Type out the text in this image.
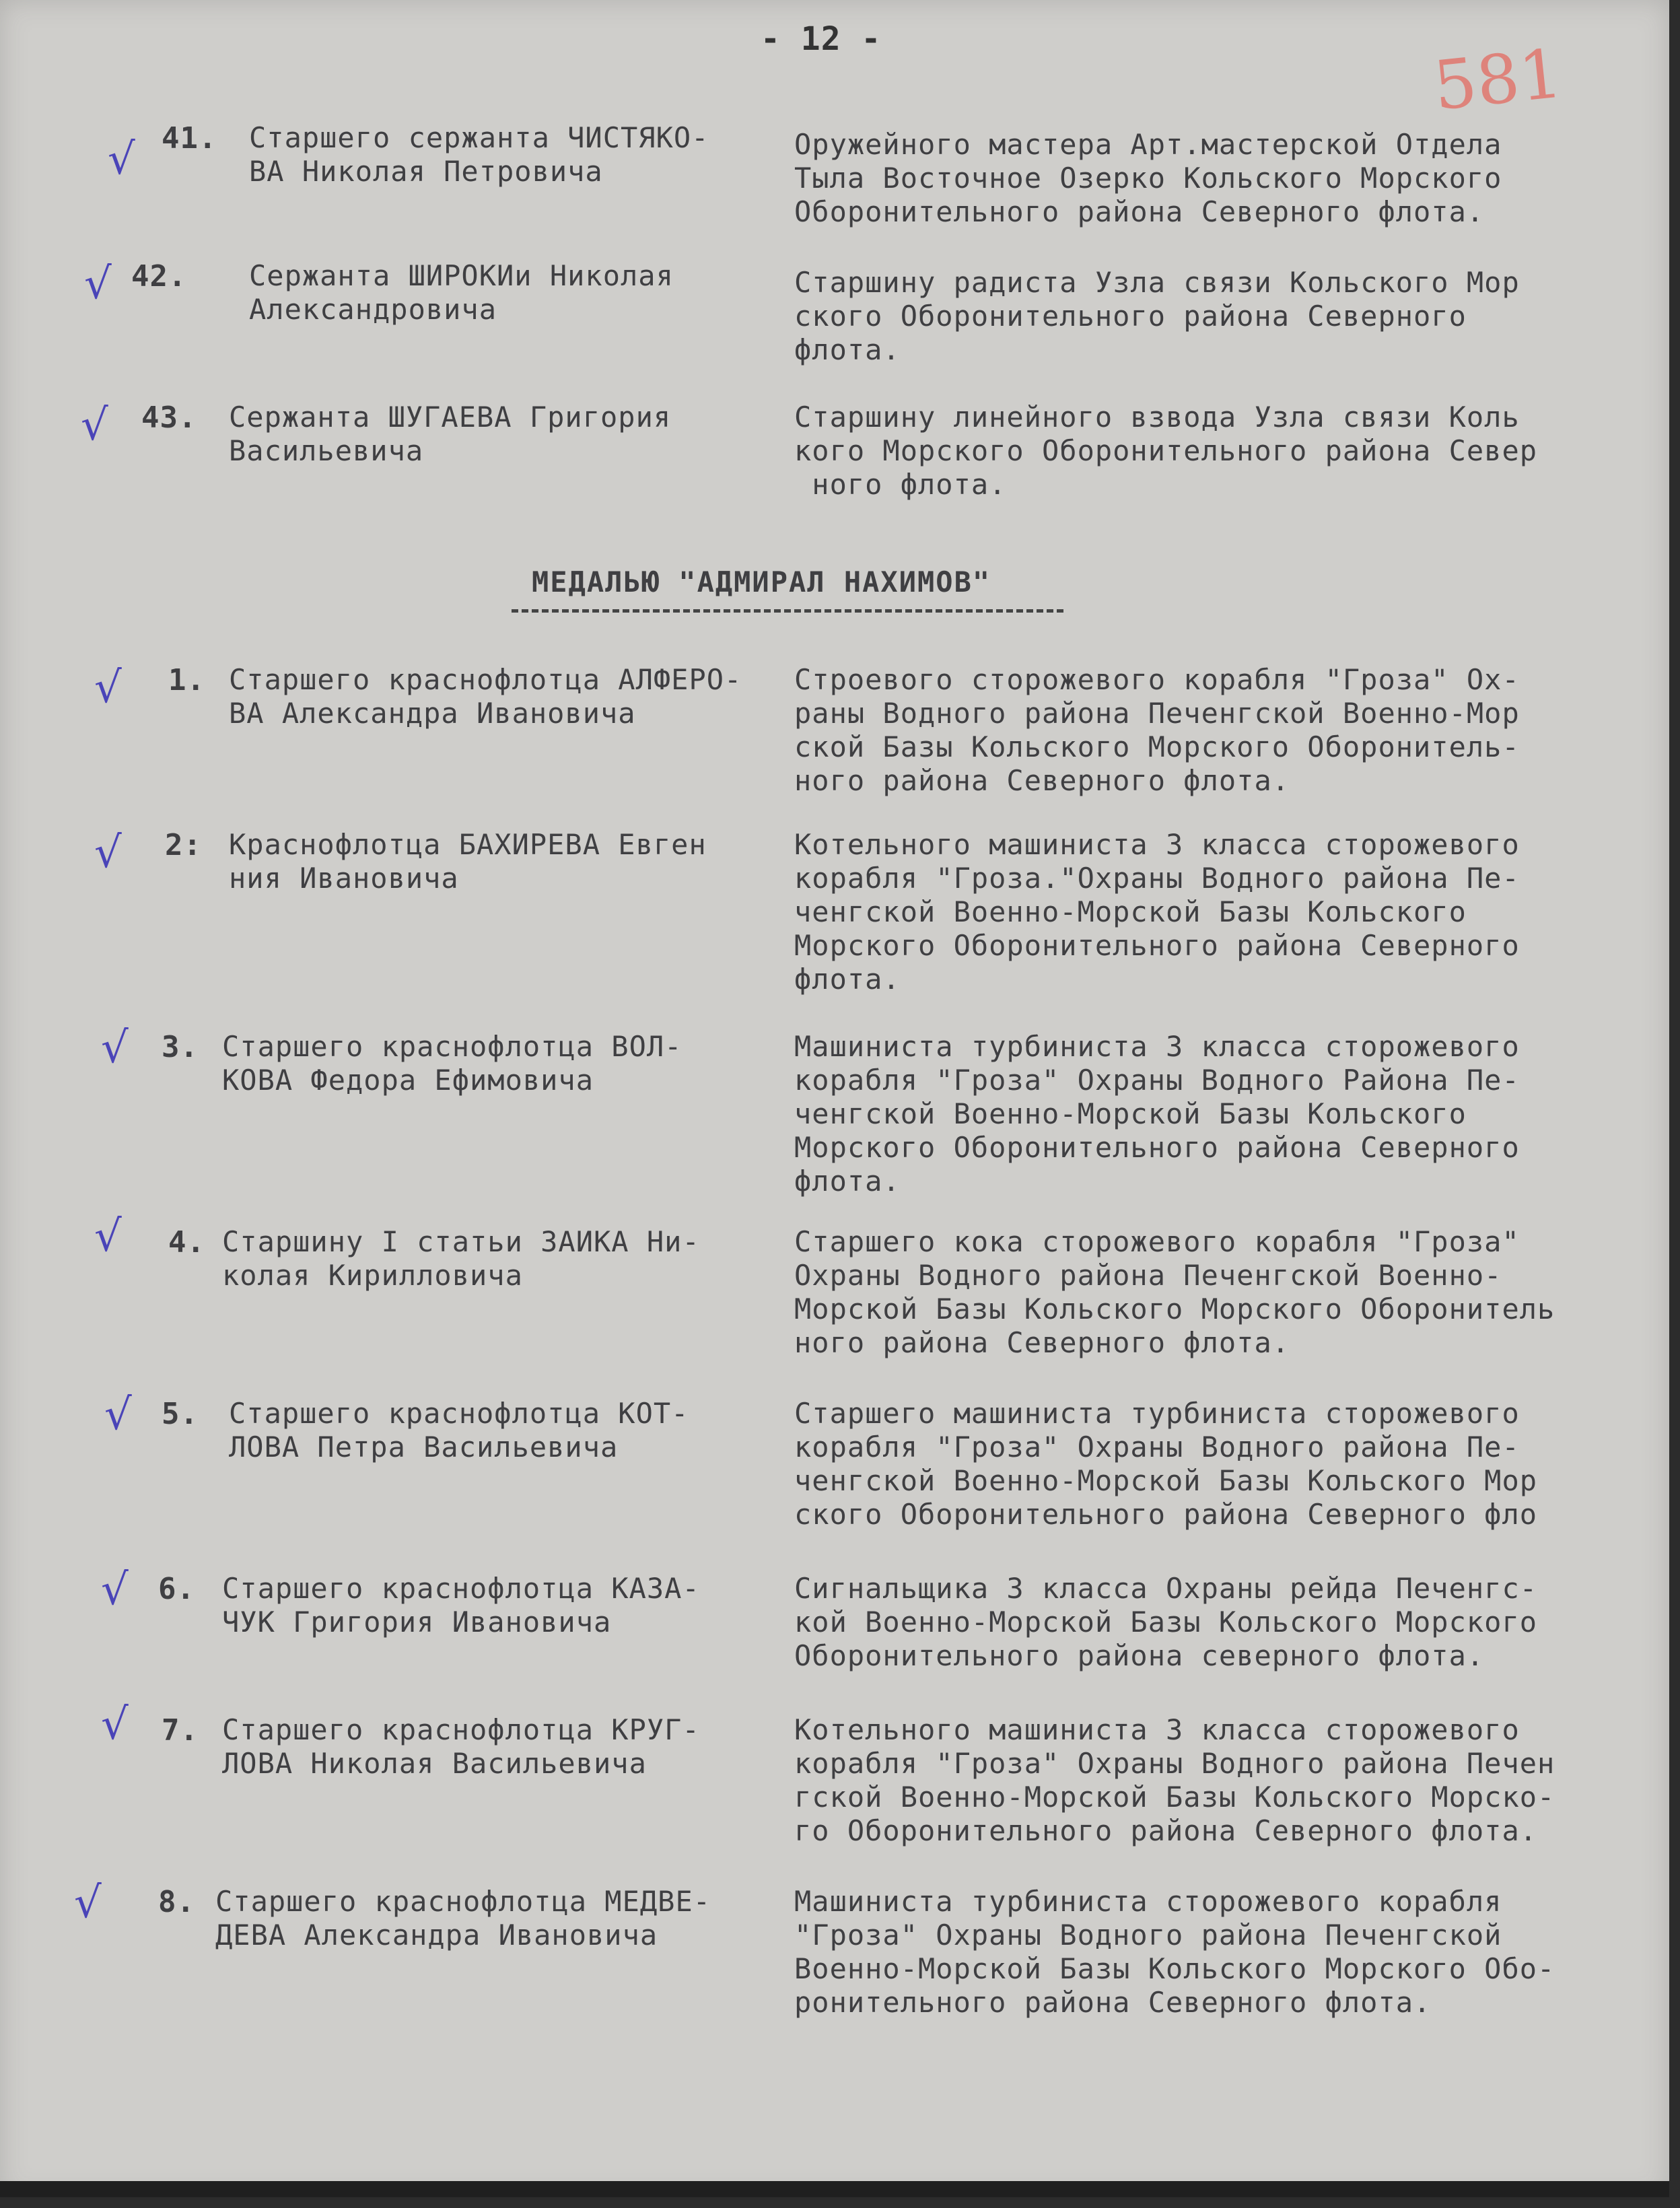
- 12 -	581
√ 41. Старшего сержанта ЧИСТЯКО-
ВА Николая Петровича
Оружейного мастера Арт.мастерской Отдела
Тыла Восточное Озерко Кольского Морского
Оборонительного района Северного флота.
√ 42. Сержанта ШИРОКИи Николая
Александровича
Старшину радиста Узла связи Кольского Мор
ского Оборонительного района Северного
флота.
√ 43. Сержанта ШУГАЕВА Григория
Васильевича
Старшину линейного взвода Узла связи Коль
кого Морского Оборонительного района Север
ного флота.
МЕДАЛЬЮ "АДМИРАЛ НАХИМОВ"
√ 1. Старшего краснофлотца АЛФЕРО-
ВА Александра Ивановича
Строевого сторожевого корабля "Гроза" Ох-
раны Водного района Печенгской Военно-Мор
ской Базы Кольского Морского Оборонитель-
ного района Северного флота.
√ 2: Краснофлотца БАХИРЕВА Евген
ния Ивановича
Котельного машиниста 3 класса сторожевого
корабля "Гроза."Охраны Водного района Пе-
ченгской Военно-Морской Базы Кольского
Морского Оборонительного района Северного
флота.
√ 3. Старшего краснофлотца ВОЛ-
КОВА Федора Ефимовича
Машиниста турбиниста 3 класса сторожевого
корабля "Гроза" Охраны Водного Района Пе-
ченгской Военно-Морской Базы Кольского
Морского Оборонительного района Северного
флота.
√ 4. Старшину I статьи ЗАИКА Ни-
колая Кирилловича
Старшего кока сторожевого корабля "Гроза"
Охраны Водного района Печенгской Военно-
Морской Базы Кольского Морского Оборонитель
ного района Северного флота.
√ 5. Старшего краснофлотца КОТ-
ЛОВА Петра Васильевича
Старшего машиниста турбиниста сторожевого
корабля "Гроза" Охраны Водного района Пе-
ченгской Военно-Морской Базы Кольского Мор
ского Оборонительного района Северного фло
√ 6. Старшего краснофлотца КАЗА-
ЧУК Григория Ивановича
Сигнальщика 3 класса Охраны рейда Печенгс-
кой Военно-Морской Базы Кольского Морского
Оборонительного района северного флота.
√ 7. Старшего краснофлотца КРУГ-
ЛОВА Николая Васильевича
Котельного машиниста 3 класса сторожевого
корабля "Гроза" Охраны Водного района Печен
гской Военно-Морской Базы Кольского Морско-
го Оборонительного района Северного флота.
√ 8. Старшего краснофлотца МЕДВЕ-
ДЕВА Александра Ивановича
Машиниста турбиниста сторожевого корабля
"Гроза" Охраны Водного района Печенгской
Военно-Морской Базы Кольского Морского Обо-
ронительного района Северного флота.
